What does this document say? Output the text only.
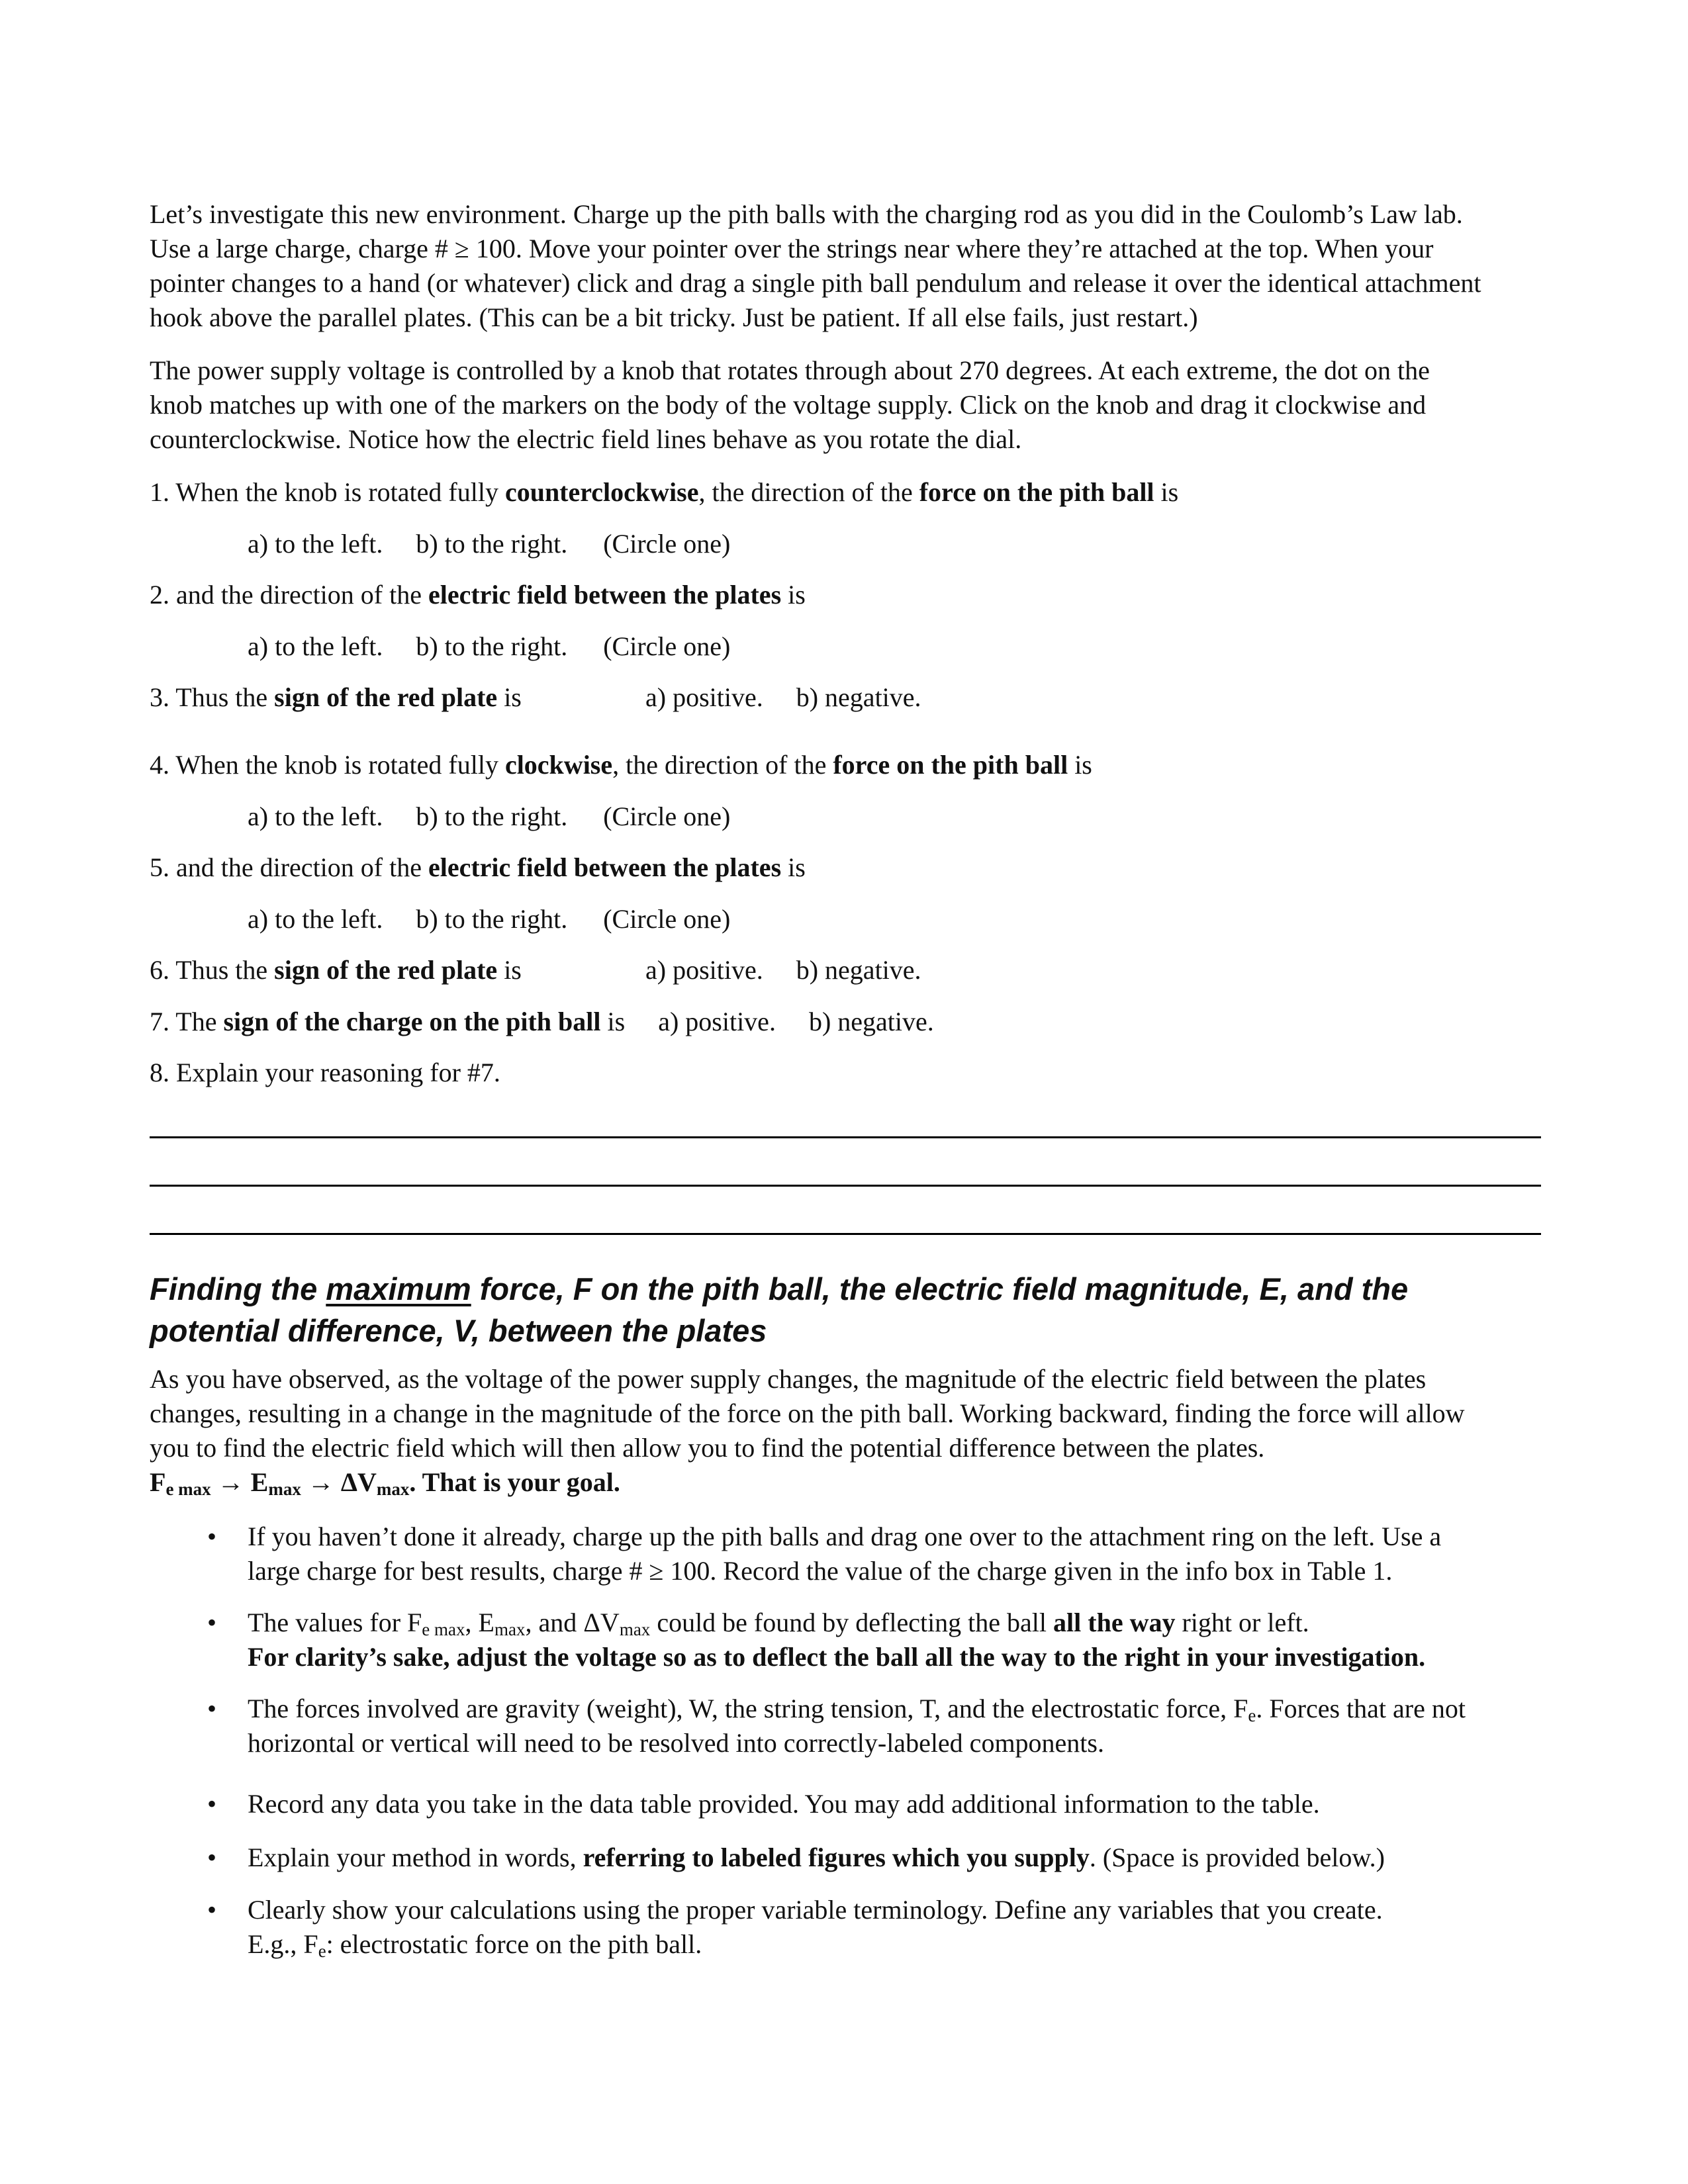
Let’s investigate this new environment. Charge up the pith balls with the charging rod as you did in the Coulomb’s Law lab.
Use a large charge, charge # ≥ 100. Move your pointer over the strings near where they’re attached at the top. When your
pointer changes to a hand (or whatever) click and drag a single pith ball pendulum and release it over the identical attachment
hook above the parallel plates. (This can be a bit tricky. Just be patient. If all else fails, just restart.)
The power supply voltage is controlled by a knob that rotates through about 270 degrees. At each extreme, the dot on the
knob matches up with one of the markers on the body of the voltage supply. Click on the knob and drag it clockwise and
counterclockwise. Notice how the electric field lines behave as you rotate the dial.
1. When the knob is rotated fully counterclockwise, the direction of the force on the pith ball is
a) to the left. b) to the right. (Circle one)
2. and the direction of the electric field between the plates is
a) to the left. b) to the right. (Circle one)
3. Thus the sign of the red plate is	a) positive. b) negative.
4. When the knob is rotated fully clockwise, the direction of the force on the pith ball is
a) to the left. b) to the right. (Circle one)
5. and the direction of the electric field between the plates is
a) to the left. b) to the right. (Circle one)
6. Thus the sign of the red plate is	a) positive. b) negative.
7. The sign of the charge on the pith ball is a) positive. b) negative.
8. Explain your reasoning for #7.
Finding the maximum force, F on the pith ball, the electric field magnitude, E, and the
potential difference, V, between the plates
As you have observed, as the voltage of the power supply changes, the magnitude of the electric field between the plates
changes, resulting in a change in the magnitude of the force on the pith ball. Working backward, finding the force will allow
you to find the electric field which will then allow you to find the potential difference between the plates.
$F_{e max} \to E_{max} \to \Delta V_{max}$. That is your goal.
•	If you haven’t done it already, charge up the pith balls and drag one over to the attachment ring on the left. Use a
large charge for best results, charge # ≥ 100. Record the value of the charge given in the info box in Table 1.
•	The values for $F_{e max}$, $E_{max}$, and $\Delta V_{max}$ could be found by deflecting the ball all the way right or left.
For clarity’s sake, adjust the voltage so as to deflect the ball all the way to the right in your investigation.
•	The forces involved are gravity (weight), W, the string tension, T, and the electrostatic force, $F_e$. Forces that are not
horizontal or vertical will need to be resolved into correctly-labeled components.
•	Record any data you take in the data table provided. You may add additional information to the table.
•	Explain your method in words, referring to labeled figures which you supply. (Space is provided below.)
•	Clearly show your calculations using the proper variable terminology. Define any variables that you create.
E.g., $F_e$: electrostatic force on the pith ball.
